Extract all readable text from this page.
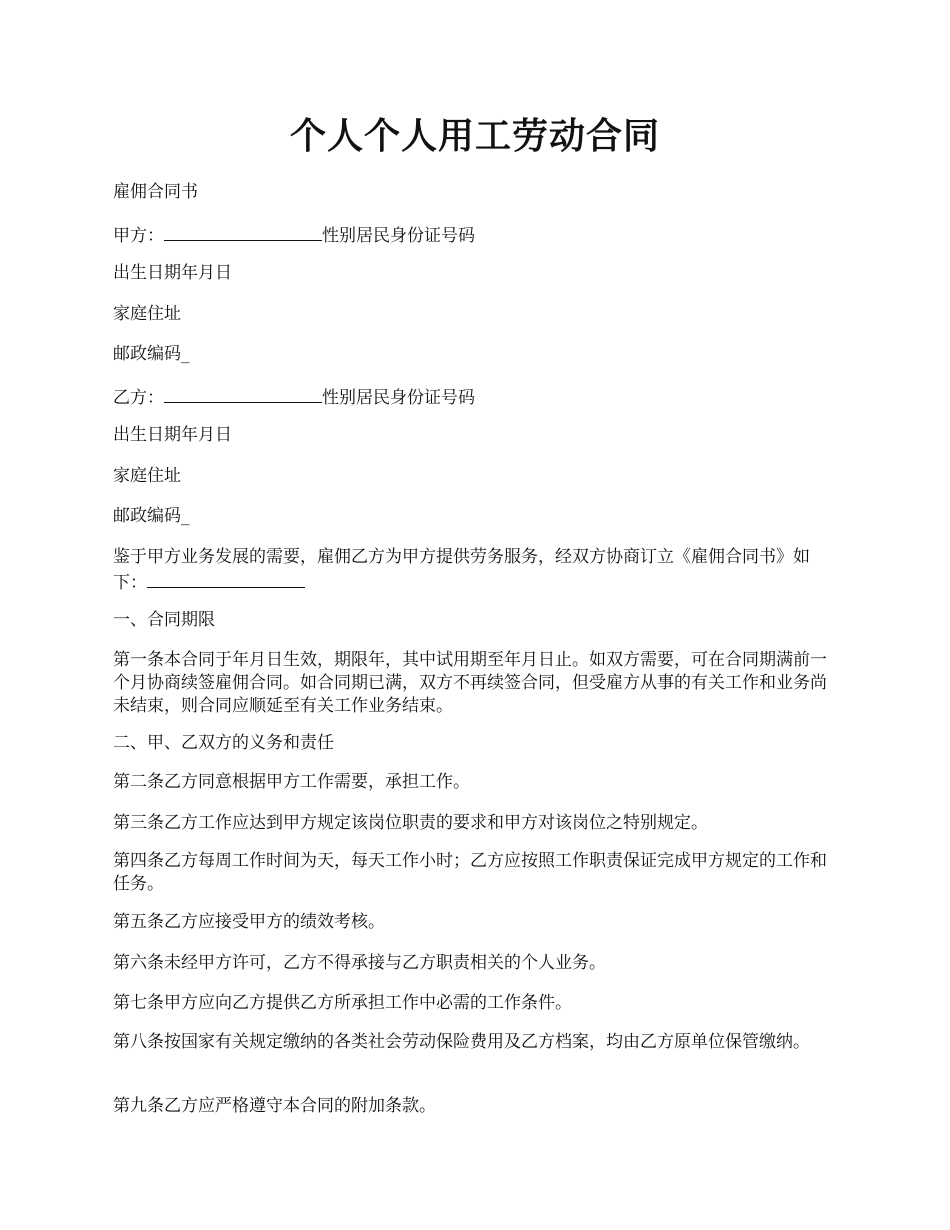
个人个人用工劳动合同

雇佣合同书

甲方：	性别居民身份证号码

出生日期年月日

家庭住址

邮政编码_

乙方：	性别居民身份证号码

出生日期年月日

家庭住址

邮政编码_

鉴于甲方业务发展的需要，雇佣乙方为甲方提供劳务服务，经双方协商订立《雇佣合同书》如下：

一、合同期限

第一条本合同于年月日生效，期限年，其中试用期至年月日止。如双方需要，可在合同期满前一个月协商续签雇佣合同。如合同期已满，双方不再续签合同，但受雇方从事的有关工作和业务尚未结束，则合同应顺延至有关工作业务结束。

二、甲、乙双方的义务和责任

第二条乙方同意根据甲方工作需要，承担工作。

第三条乙方工作应达到甲方规定该岗位职责的要求和甲方对该岗位之特别规定。

第四条乙方每周工作时间为天，每天工作小时；乙方应按照工作职责保证完成甲方规定的工作和任务。

第五条乙方应接受甲方的绩效考核。

第六条未经甲方许可，乙方不得承接与乙方职责相关的个人业务。

第七条甲方应向乙方提供乙方所承担工作中必需的工作条件。

第八条按国家有关规定缴纳的各类社会劳动保险费用及乙方档案，均由乙方原单位保管缴纳。

第九条乙方应严格遵守本合同的附加条款。
